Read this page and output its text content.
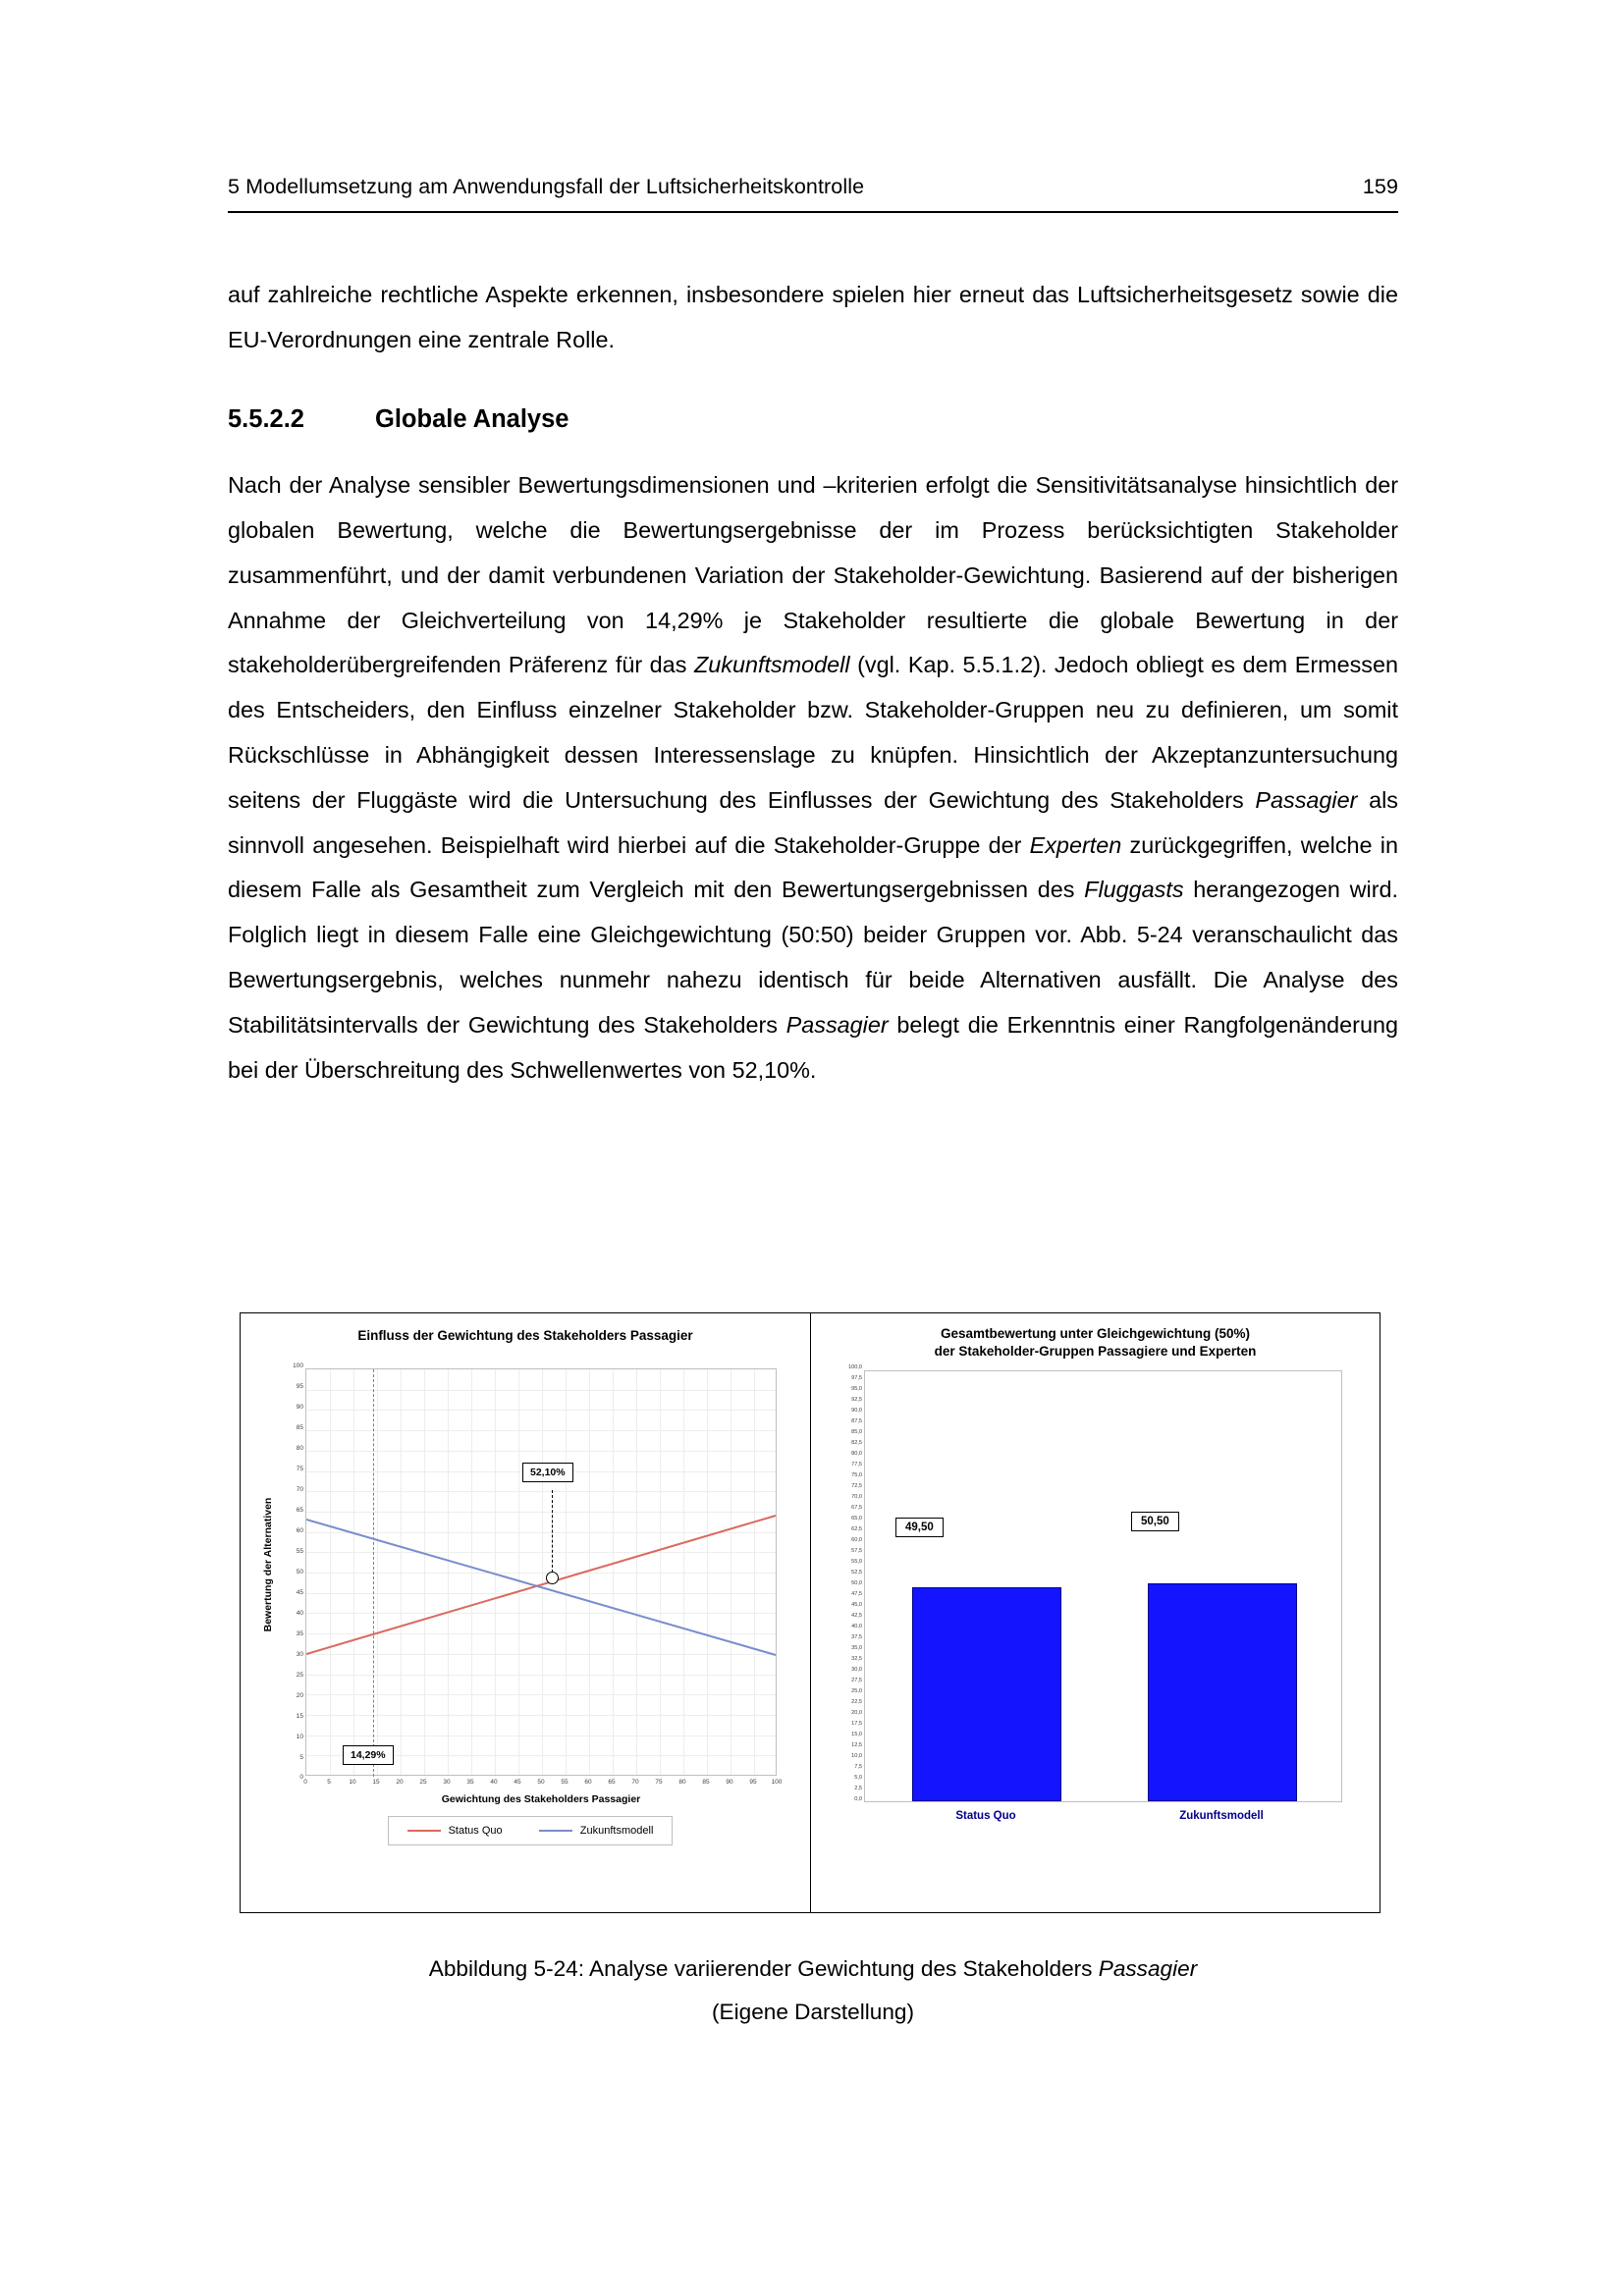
5 Modellumsetzung am Anwendungsfall der Luftsicherheitskontrolle	159

auf zahlreiche rechtliche Aspekte erkennen, insbesondere spielen hier erneut das Luftsicherheitsgesetz sowie die EU-Verordnungen eine zentrale Rolle.

5.5.2.2	Globale Analyse

Nach der Analyse sensibler Bewertungsdimensionen und –kriterien erfolgt die Sensitivitätsanalyse hinsichtlich der globalen Bewertung, welche die Bewertungsergebnisse der im Prozess berücksichtigten Stakeholder zusammenführt, und der damit verbundenen Variation der Stakeholder-Gewichtung. Basierend auf der bisherigen Annahme der Gleichverteilung von 14,29% je Stakeholder resultierte die globale Bewertung in der stakeholderübergreifenden Präferenz für das Zukunftsmodell (vgl. Kap. 5.5.1.2). Jedoch obliegt es dem Ermessen des Entscheiders, den Einfluss einzelner Stakeholder bzw. Stakeholder-Gruppen neu zu definieren, um somit Rückschlüsse in Abhängigkeit dessen Interessenslage zu knüpfen. Hinsichtlich der Akzeptanzuntersuchung seitens der Fluggäste wird die Untersuchung des Einflusses der Gewichtung des Stakeholders Passagier als sinnvoll angesehen. Beispielhaft wird hierbei auf die Stakeholder-Gruppe der Experten zurückgegriffen, welche in diesem Falle als Gesamtheit zum Vergleich mit den Bewertungsergebnissen des Fluggasts herangezogen wird. Folglich liegt in diesem Falle eine Gleichgewichtung (50:50) beider Gruppen vor. Abb. 5-24 veranschaulicht das Bewertungsergebnis, welches nunmehr nahezu identisch für beide Alternativen ausfällt. Die Analyse des Stabilitätsintervalls der Gewichtung des Stakeholders Passagier belegt die Erkenntnis einer Rangfolgenänderung bei der Überschreitung des Schwellenwertes von 52,10%.

Einfluss der Gewichtung des Stakeholders Passagier
Bewertung der Alternativen
100
95
90
85
80
75
70
65
60
55
50
45
40
35
30
25
20
15
10
5
0
52,10%
14,29%
0	5	10	15	20	25	30	35	40	45	50	55	60	65	70	75	80	85	90	95 100
Gewichtung des Stakeholders Passagier
Status Quo	Zukunftsmodell
Gesamtbewertung unter Gleichgewichtung (50%)
der Stakeholder-Gruppen Passagiere und Experten
100,0
97,5
95,0
92,5
90,0
87,5
85,0
82,5
80,0
77,5
75,0
72,5
70,0
67,5
65,0
62,5
60,0
57,5
55,0
52,5
50,0
47,5
45,0
42,5
40,0
37,5
35,0
32,5
30,0
27,5
25,0
22,5
20,0
17,5
15,0
12,5
10,0
7,5
5,0
2,5
0,0
49,50	50,50
Status Quo	Zukunftsmodell
Abbildung 5-24: Analyse variierender Gewichtung des Stakeholders Passagier
(Eigene Darstellung)
